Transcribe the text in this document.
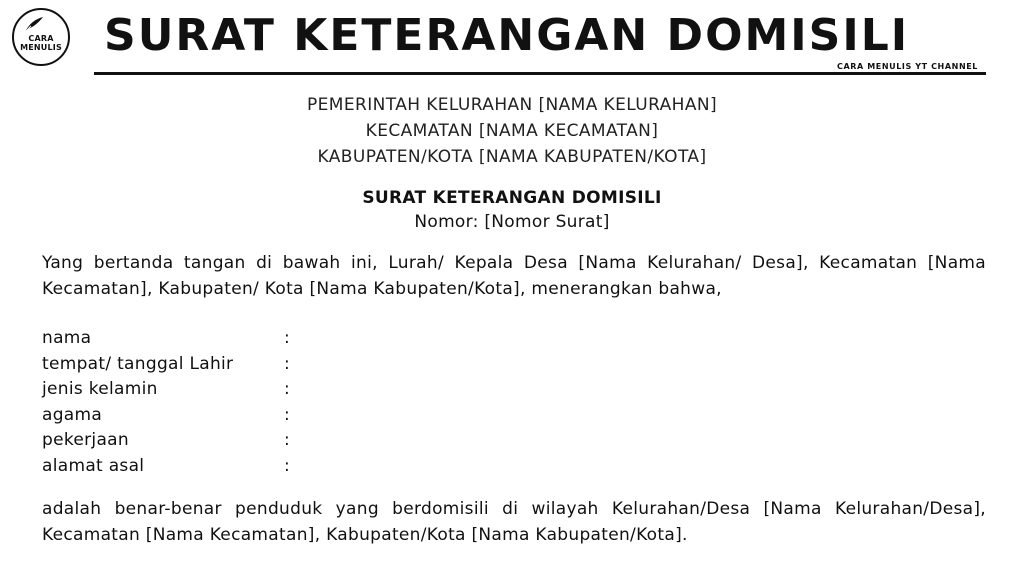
CARA
MENULIS SURAT KETERANGAN DOMISILI
CARA MENULIS YT CHANNEL
PEMERINTAH KELURAHAN [NAMA KELURAHAN]
KECAMATAN [NAMA KECAMATAN]
KABUPATEN/KOTA [NAMA KABUPATEN/KOTA]
SURAT KETERANGAN DOMISILI
Nomor: [Nomor Surat]
Yang bertanda tangan di bawah ini, Lurah/ Kepala Desa [Nama Kelurahan/ Desa], Kecamatan [Nama Kecamatan], Kabupaten/ Kota [Nama Kabupaten/Kota], menerangkan bahwa,
nama	:
tempat/ tanggal Lahir	:
jenis kelamin	:
agama	:
pekerjaan	:
alamat asal	:
adalah benar-benar penduduk yang berdomisili di wilayah Kelurahan/Desa [Nama Kelurahan/Desa], Kecamatan [Nama Kecamatan], Kabupaten/Kota [Nama Kabupaten/Kota].
